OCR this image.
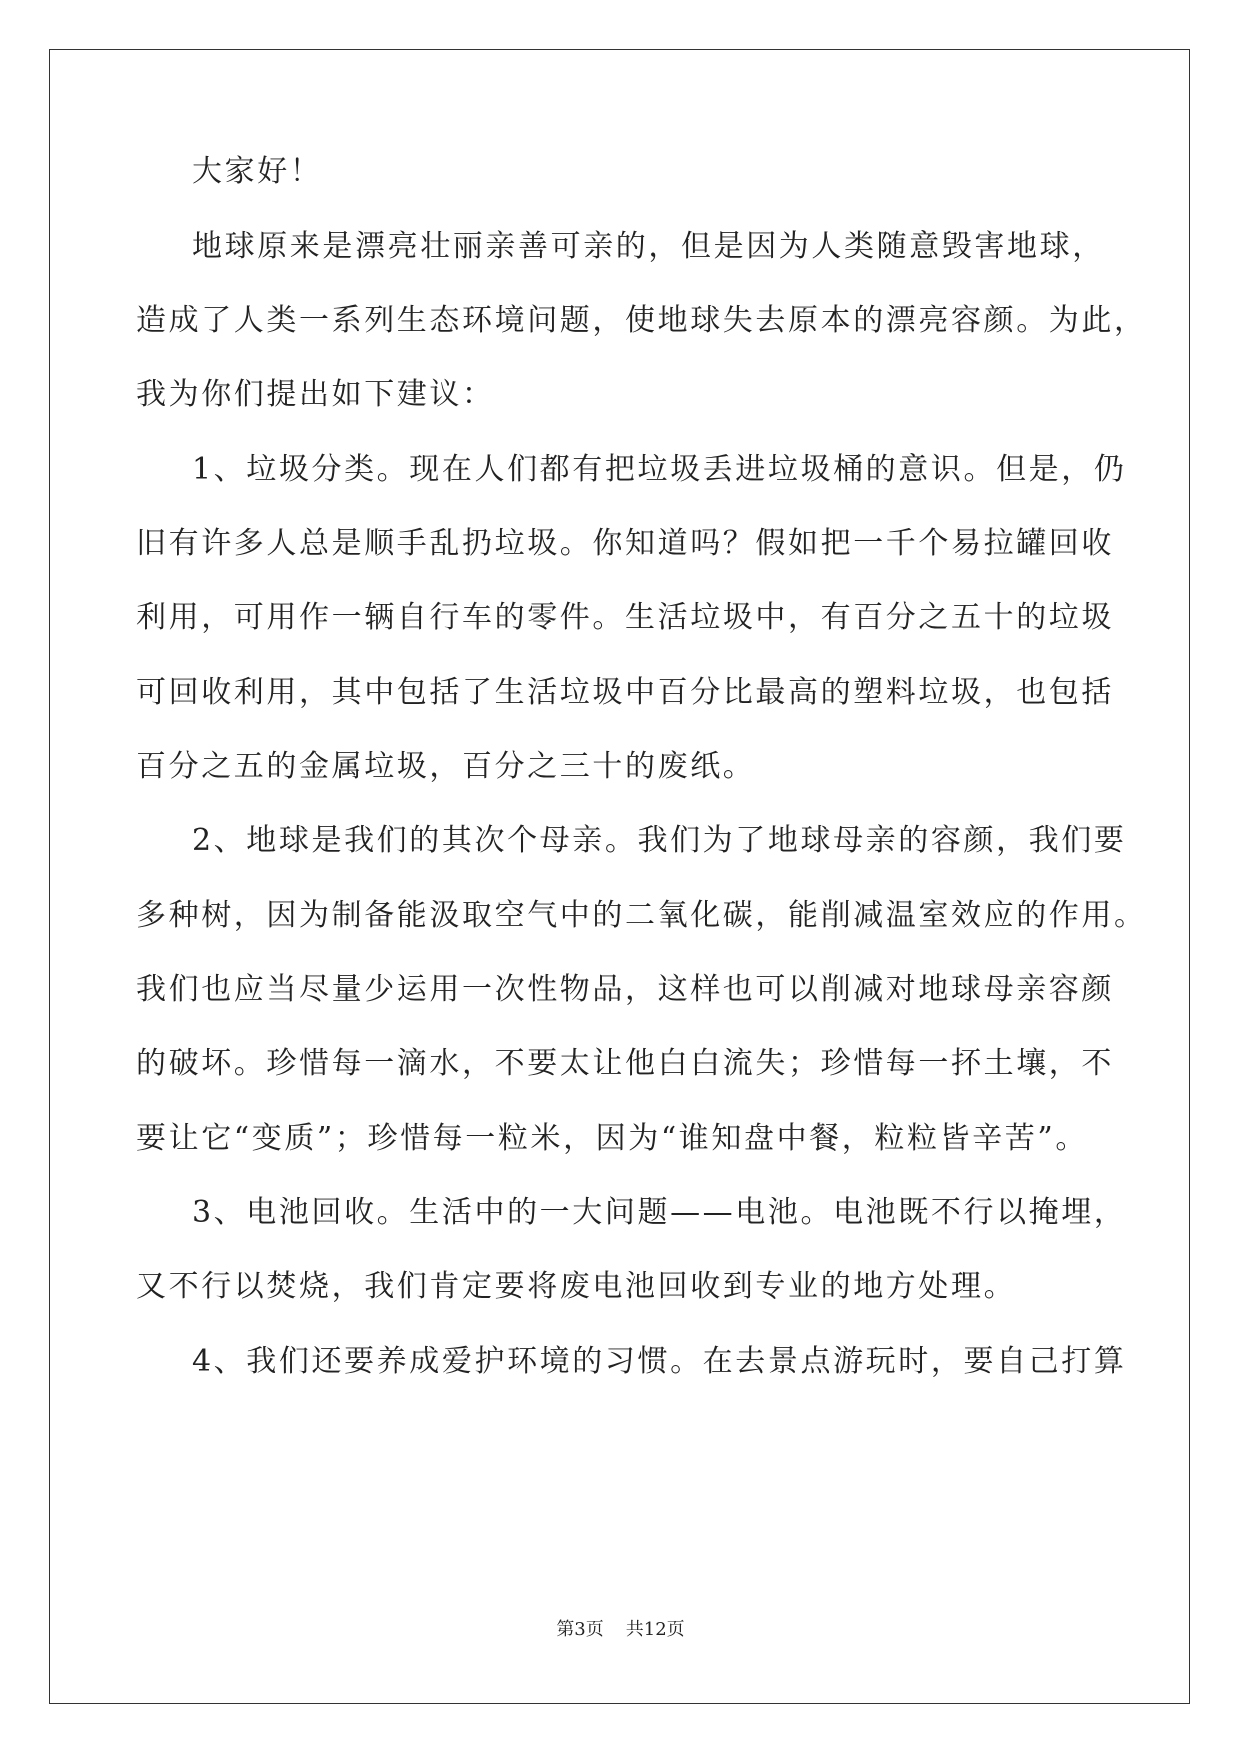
大家好！
地球原来是漂亮壮丽亲善可亲的，但是因为人类随意毁害地球，
造成了人类一系列生态环境问题，使地球失去原本的漂亮容颜。为此，
我为你们提出如下建议：
1、垃圾分类。现在人们都有把垃圾丢进垃圾桶的意识。但是，仍
旧有许多人总是顺手乱扔垃圾。你知道吗？假如把一千个易拉罐回收
利用，可用作一辆自行车的零件。生活垃圾中，有百分之五十的垃圾
可回收利用，其中包括了生活垃圾中百分比最高的塑料垃圾，也包括
百分之五的金属垃圾，百分之三十的废纸。
2、地球是我们的其次个母亲。我们为了地球母亲的容颜，我们要
多种树，因为制备能汲取空气中的二氧化碳，能削减温室效应的作用。
我们也应当尽量少运用一次性物品，这样也可以削减对地球母亲容颜
的破坏。珍惜每一滴水，不要太让他白白流失；珍惜每一抔土壤，不
要让它“变质”；珍惜每一粒米，因为“谁知盘中餐，粒粒皆辛苦”。
3、电池回收。生活中的一大问题——电池。电池既不行以掩埋，
又不行以焚烧，我们肯定要将废电池回收到专业的地方处理。
4、我们还要养成爱护环境的习惯。在去景点游玩时，要自己打算
第3页 共12页
